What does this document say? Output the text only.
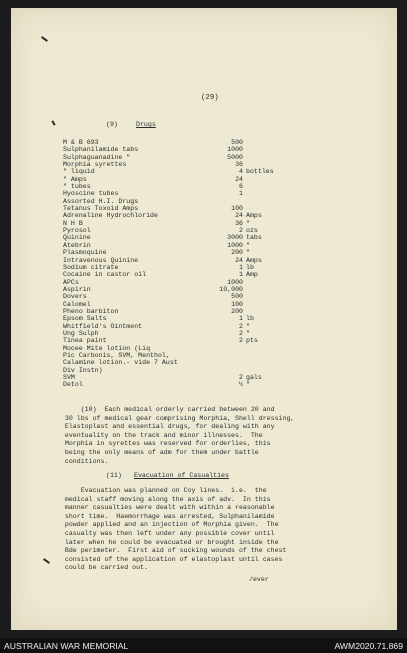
(29)
(9)	Drugs
M & B 693
Sulphanilamide tabs
Sulphaguanadine "
Morphia syrettes
" liquid
" Amps
" tubes
Hyoscine tubes
Assorted H.I. Drugs
Tetanus Toxoid Amps
Adrenaline Hydrochloride
N H B
Pyrosol
Quinine
Atebrin
Plasmoquine
Intravenous Quinine
Sodium citrate
Cocaine in castor oil
APCs
Aspirin
Dovers
Calomel
Pheno barbiton
Epsom Salts
Whitfield's Ointment
Ung Sulph
Tinea paint
Mocee Mite lotion (Liq
Pic Carbonis, SVM, Menthol,
Calamine lotion.- vide 7 Aust
Div Instn)
SVM
Detol
500
1000
5000
36
4
24
6
1
100
24
36
2
3000
1000
200
24
1
1
1000
10,000
500
100
200
1
2
2
2
2
½
bottles
Amps
"
ozs
tabs
"
"
Amps
lb
Amp
lb
"
"
pts
gals
"
(10)  Each medical orderly carried between 20 and
30 lbs of medical gear comprising Morphia, Shell dressing,
Elastoplast and essential drugs, for dealing with any
eventuality on the track and minor illnesses.  The
Morphia in syrettes was reserved for orderlies, this
being the only means of adm for them under battle
conditions.
(11) Evacuation of Casualties
Evacuation was planned on Coy lines.  i.e.  the
medical staff moving along the axis of adv.  In this
manner casualties were dealt with within a reasonable
short time.  Haemorrhage was arrested, Sulphanilamide
powder applied and an injection of Morphia given.  The
casualty was then left under any possible cover until
later when he could be evacuated or brought inside the
Bde perimeter.  First aid of sucking wounds of the chest
consisted of the application of elastoplast until cases
could be carried out.
/ever
AUSTRALIAN WAR MEMORIAL	AWM2020.71.869
